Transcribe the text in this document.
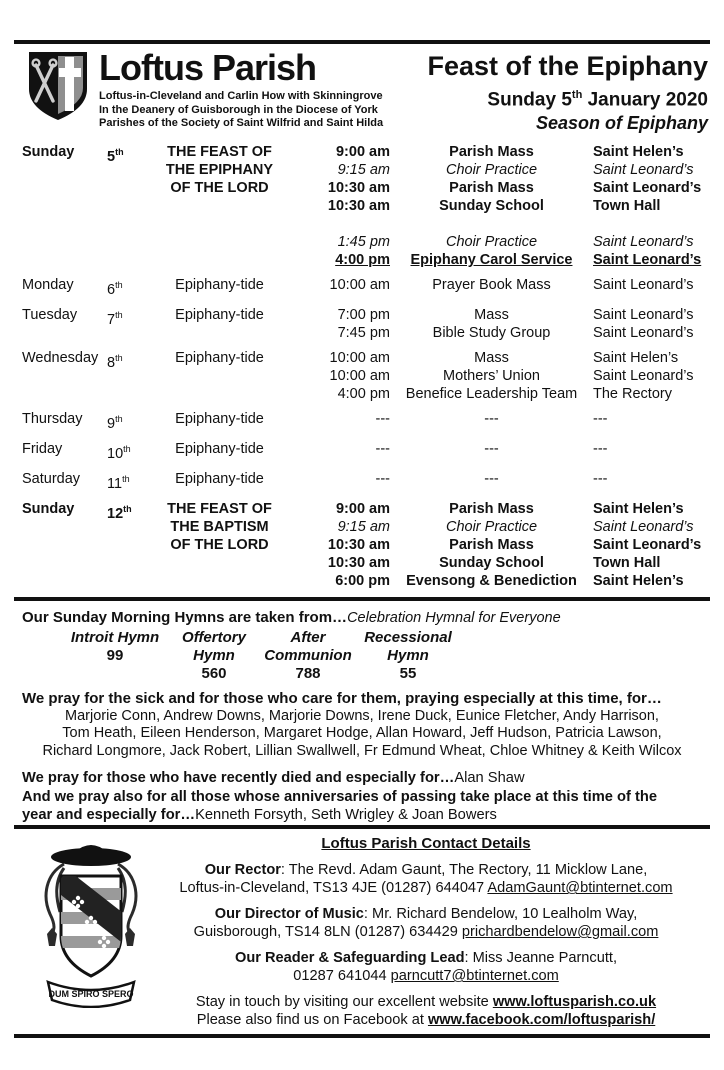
Loftus Parish
Loftus-in-Cleveland and Carlin How with Skinningrove
In the Deanery of Guisborough in the Diocese of York
Parishes of the Society of Saint Wilfrid and Saint Hilda
Feast of the Epiphany
Sunday 5th January 2020
Season of Epiphany
Sunday	5th	THE FEAST OF
THE EPIPHANY
OF THE LORD
9:00 am	Parish Mass	Saint Helen’s
9:15 am	Choir Practice	Saint Leonard’s
10:30 am	Parish Mass	Saint Leonard’s
10:30 am	Sunday School	Town Hall
1:45 pm	Choir Practice	Saint Leonard’s
4:00 pm	Epiphany Carol Service	Saint Leonard’s
Monday	6th	Epiphany-tide	10:00 am	Prayer Book Mass	Saint Leonard’s
Tuesday	7th	Epiphany-tide	7:00 pm	Mass	Saint Leonard’s
7:45 pm	Bible Study Group	Saint Leonard’s
Wednesday 8th	Epiphany-tide	10:00 am	Mass	Saint Helen’s
10:00 am	Mothers’ Union	Saint Leonard’s
4:00 pm	Benefice Leadership Team	The Rectory
Thursday	9th	Epiphany-tide	---	---	---
Friday	10th	Epiphany-tide	---	---	---
Saturday	11th	Epiphany-tide	---	---	---
Sunday	12th	THE FEAST OF
THE BAPTISM
OF THE LORD
9:00 am	Parish Mass	Saint Helen’s
9:15 am	Choir Practice	Saint Leonard’s
10:30 am	Parish Mass	Saint Leonard’s
10:30 am	Sunday School	Town Hall
6:00 pm	Evensong & Benediction	Saint Helen’s
Our Sunday Morning Hymns are taken from…Celebration Hymnal for Everyone
Introit Hymn
99
Offertory Hymn
560
After Communion
788
Recessional Hymn
55
We pray for the sick and for those who care for them, praying especially at this time, for…
Marjorie Conn, Andrew Downs, Marjorie Downs, Irene Duck, Eunice Fletcher, Andy Harrison,
Tom Heath, Eileen Henderson, Margaret Hodge, Allan Howard, Jeff Hudson, Patricia Lawson,
Richard Longmore, Jack Robert, Lillian Swallwell, Fr Edmund Wheat, Chloe Whitney & Keith Wilcox
We pray for those who have recently died and especially for…Alan Shaw
And we pray also for all those whose anniversaries of passing take place at this time of the
year and especially for…Kenneth Forsyth, Seth Wrigley & Joan Bowers
DUM SPIRO SPERO
Loftus Parish Contact Details
Our Rector: The Revd. Adam Gaunt, The Rectory, 11 Micklow Lane,
Loftus-in-Cleveland, TS13 4JE (01287) 644047 AdamGaunt@btinternet.com
Our Director of Music: Mr. Richard Bendelow, 10 Lealholm Way,
Guisborough, TS14 8LN (01287) 634429 prichardbendelow@gmail.com
Our Reader & Safeguarding Lead: Miss Jeanne Parncutt,
01287 641044 parncutt7@btinternet.com
Stay in touch by visiting our excellent website www.loftusparish.co.uk
Please also find us on Facebook at www.facebook.com/loftusparish/
